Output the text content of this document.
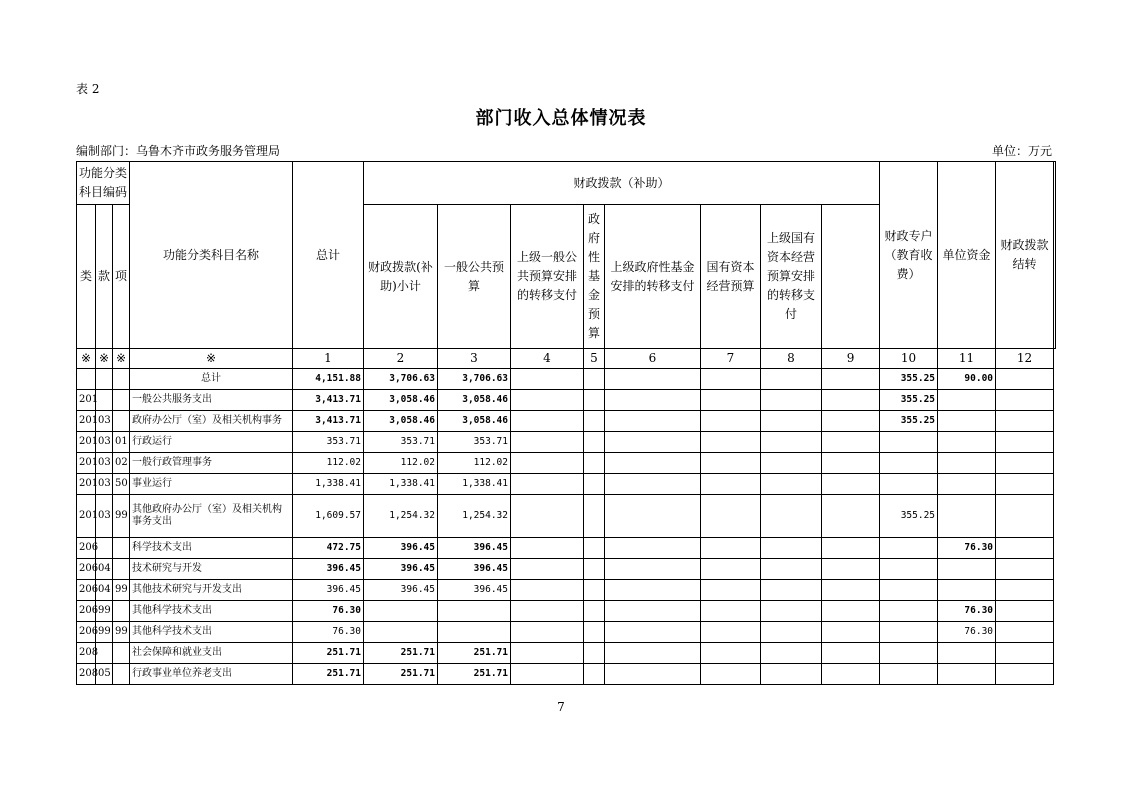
表 2
部门收入总体情况表
编制部门：乌鲁木齐市政务服务管理局	单位：万元
功能分类科目编码			功能分类科目名称	总计	财政拨款（补助）								财政专户（教育收费）	单位资金	财政拨款结转	
类	款	项			财政拨款(补助)小计	一般公共预算	上级一般公共预算安排的转移支付	政府性基金预算	上级政府性基金安排的转移支付	国有资本经营预算	上级国有资本经营预算安排的转移支付					
※	※	※	※	1	2	3	4	5	6	7	8	9	10	11	12	
			总计	4,151.88	3,706.63	3,706.63							355.25	90.00		
201			一般公共服务支出	3,413.71	3,058.46	3,058.46							355.25			
201	03		政府办公厅（室）及相关机构事务	3,413.71	3,058.46	3,058.46							355.25			
201	03	01	行政运行	353.71	353.71	353.71										
201	03	02	一般行政管理事务	112.02	112.02	112.02										
201	03	50	事业运行	1,338.41	1,338.41	1,338.41										
201	03	99	其他政府办公厅（室）及相关机构事务支出	1,609.57	1,254.32	1,254.32							355.25			
206			科学技术支出	472.75	396.45	396.45								76.30		
206	04		技术研究与开发	396.45	396.45	396.45										
206	04	99	其他技术研究与开发支出	396.45	396.45	396.45										
206	99		其他科学技术支出	76.30										76.30		
206	99	99	其他科学技术支出	76.30										76.30		
208			社会保障和就业支出	251.71	251.71	251.71										
208	05		行政事业单位养老支出	251.71	251.71	251.71										
7
